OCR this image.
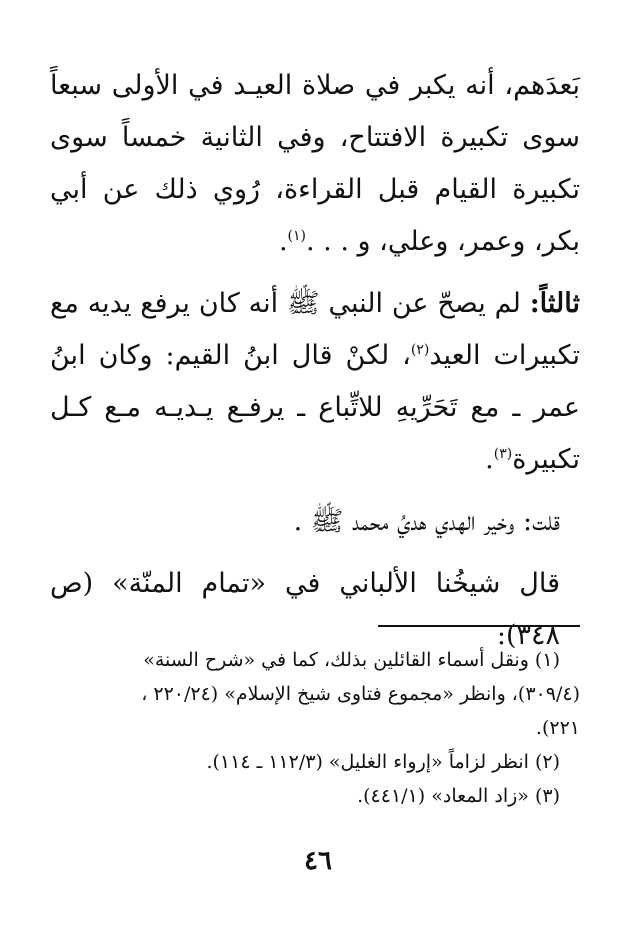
بَعدَهم، أنه يكبر في صلاة العيـد في الأولى سبعاً سوى تكبيرة الافتتاح، وفي الثانية خمساً سوى تكبيرة القيام قبل القراءة، رُوي ذلك عن أبي بكر، وعمر، وعلي، و . . .$^{(١)}$.

ثالثاً: لم يصحّ عن النبي ﷺ أنه كان يرفع يديه مع تكبيرات العيد$^{(٢)}$، لكنْ قال ابنُ القيم: وكان ابنُ عمر ـ مع تَحَرِّيهِ للاتِّباع ـ يرفـع يـديـه مـع كـل تكبيرة$^{(٣)}$.

قلت: وخير الهدي هديُ محمد ﷺ .

قال شيخُنا الألباني في «تمام المنّة» (ص ٣٤٨):

(١) ونقل أسماء القائلين بذلك، كما في «شرح السنة»

(٣٠٩/٤)، وانظر «مجموع فتاوى شيخ الإسلام» (٢٢٠/٢٤ ،

٢٢١).

(٢) انظر لزاماً «إرواء الغليل» (١١٢/٣ ـ ١١٤).

(٣) «زاد المعاد» (٤٤١/١).

٤٦
